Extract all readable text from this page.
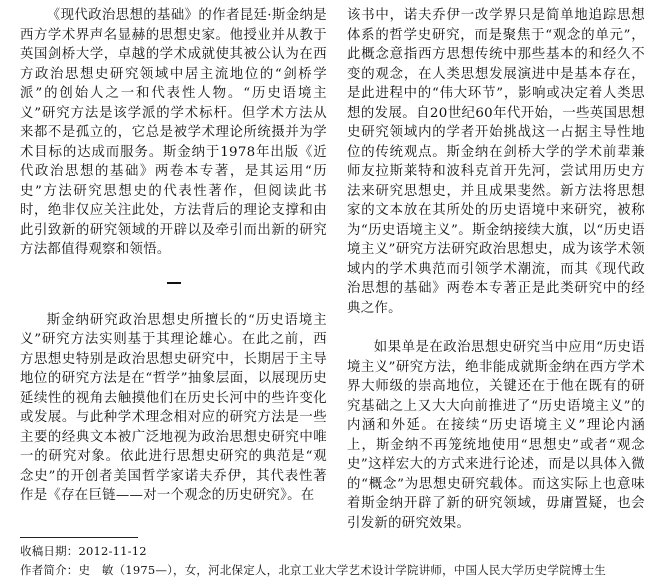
《现代政治思想的基础》的作者昆廷·斯金纳是西方学术界声名显赫的思想史家。他授业并从教于英国剑桥大学，卓越的学术成就使其被公认为在西方政治思想史研究领域中居主流地位的“剑桥学派”的创始人之一和代表性人物。“历史语境主义”研究方法是该学派的学术标杆。但学术方法从来都不是孤立的，它总是被学术理论所统摄并为学术目标的达成而服务。斯金纳于1978年出版《近代政治思想的基础》两卷本专著，是其运用“历史”方法研究思想史的代表性著作，但阅读此书时，绝非仅应关注此处，方法背后的理论支撑和由此引致新的研究领域的开辟以及牵引而出新的研究方法都值得观察和领悟。

斯金纳研究政治思想史所擅长的“历史语境主义”研究方法实则基于其理论雄心。在此之前，西方思想史特别是政治思想史研究中，长期居于主导地位的研究方法是在“哲学”抽象层面，以展现历史延续性的视角去触摸他们在历史长河中的些许变化或发展。与此种学术理念相对应的研究方法是一些主要的经典文本被广泛地视为政治思想史研究中唯一的研究对象。依此进行思想史研究的典范是“观念史”的开创者美国哲学家诺夫乔伊，其代表性著作是《存在巨链——对一个观念的历史研究》。在

该书中，诺夫乔伊一改学界只是简单地追踪思想体系的哲学史研究，而是聚焦于“观念的单元”，此概念意指西方思想传统中那些基本的和经久不变的观念，在人类思想发展演进中是基本存在，是此进程中的“伟大环节”，影响或决定着人类思想的发展。自20世纪60年代开始，一些英国思想史研究领域内的学者开始挑战这一占据主导性地位的传统观点。斯金纳在剑桥大学的学术前辈兼师友拉斯莱特和波科克首开先河，尝试用历史方法来研究思想史，并且成果斐然。新方法将思想家的文本放在其所处的历史语境中来研究，被称为“历史语境主义”。斯金纳接续大旗，以“历史语境主义”研究方法研究政治思想史，成为该学术领域内的学术典范而引领学术潮流，而其《现代政治思想的基础》两卷本专著正是此类研究中的经典之作。

如果单是在政治思想史研究当中应用“历史语境主义”研究方法，绝非能成就斯金纳在西方学术界大师级的崇高地位，关键还在于他在既有的研究基础之上又大大向前推进了“历史语境主义”的内涵和外延。在接续“历史语境主义”理论内涵上，斯金纳不再笼统地使用“思想史”或者“观念史”这样宏大的方式来进行论述，而是以具体入微的“概念”为思想史研究载体。而这实际上也意味着斯金纳开辟了新的研究领域，毋庸置疑，也会引发新的研究效果。

收稿日期：2012-11-12
作者简介：史　敏（1975—），女，河北保定人，北京工业大学艺术设计学院讲师，中国人民大学历史学院博士生
